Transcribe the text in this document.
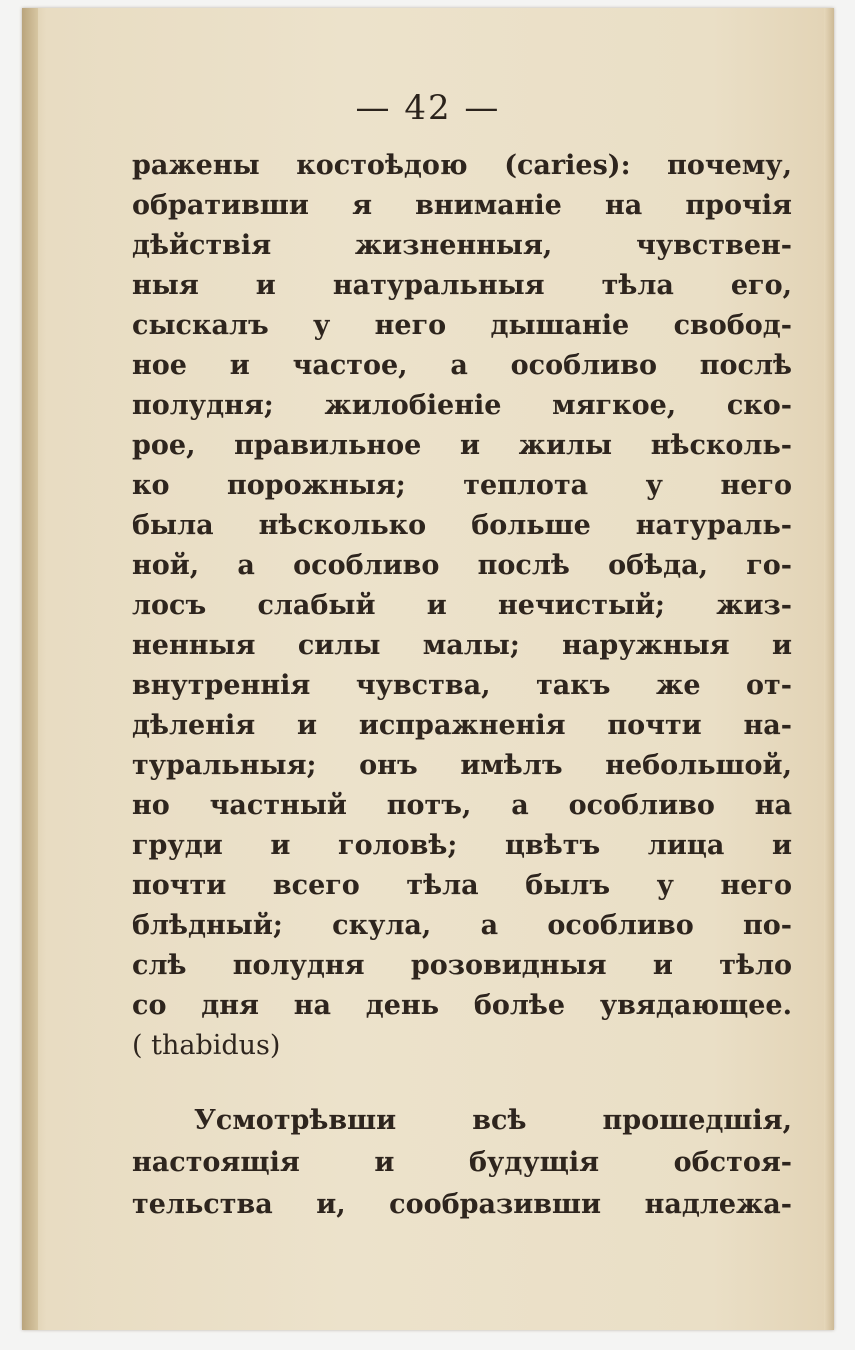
— 42 —
ражены костоѣдою (caries): почему,
обративши я вниманіе на прочія
дѣйствія жизненныя, чувствен-
ныя и натуральныя тѣла его,
сыскалъ у него дышаніе свобод-
ное и частое, а особливо послѣ
полудня; жилобіеніе мягкое, ско-
рое, правильное и жилы нѣсколь-
ко порожныя; теплота у него
была нѣсколько больше натураль-
ной, а особливо послѣ обѣда, го-
лосъ слабый и нечистый; жиз-
ненныя силы малы; наружныя и
внутреннія чувства, такъ же от-
дѣленія и испражненія почти на-
туральныя; онъ имѣлъ небольшой,
но частный потъ, а особливо на
груди и головѣ; цвѣтъ лица и
почти всего тѣла былъ у него
блѣдный; скула, а особливо по-
слѣ полудня розовидныя и тѣло
со дня на день болѣе увядающее.
( thabidus)
Усмотрѣвши всѣ прошедшія,
настоящія и будущія обстоя-
тельства и, сообразивши надлежа-
